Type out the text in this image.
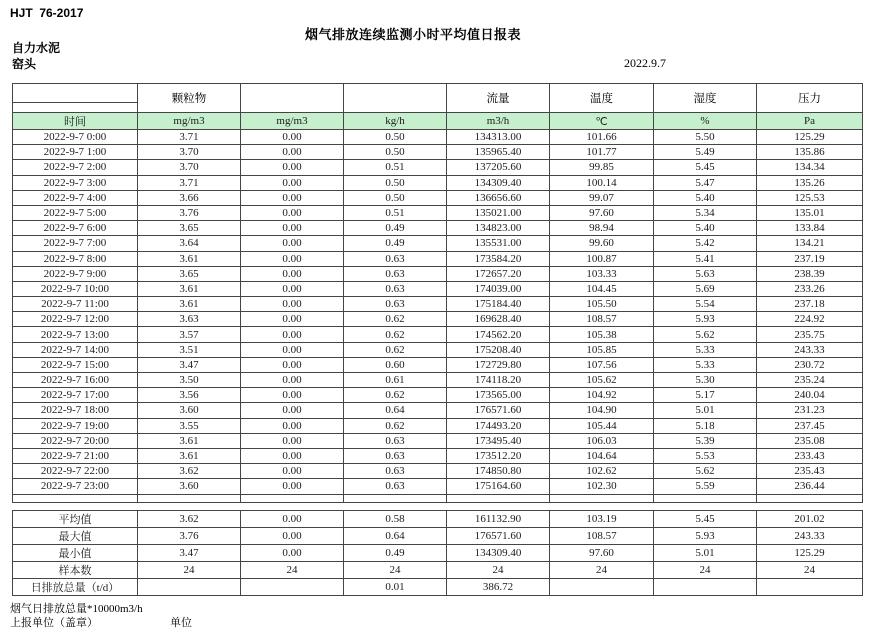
HJT  76-2017
烟气排放连续监测小时平均值日报表
自力水泥
窑头	2022.9.7
	颗粒物			流量	温度	湿度	压力

时间	mg/m3	mg/m3	kg/h	m3/h	℃	%	Pa
2022-9-7 0:00	3.71	0.00	0.50	134313.00	101.66	5.50	125.29
2022-9-7 1:00	3.70	0.00	0.50	135965.40	101.77	5.49	135.86
2022-9-7 2:00	3.70	0.00	0.51	137205.60	99.85	5.45	134.34
2022-9-7 3:00	3.71	0.00	0.50	134309.40	100.14	5.47	135.26
2022-9-7 4:00	3.66	0.00	0.50	136656.60	99.07	5.40	125.53
2022-9-7 5:00	3.76	0.00	0.51	135021.00	97.60	5.34	135.01
2022-9-7 6:00	3.65	0.00	0.49	134823.00	98.94	5.40	133.84
2022-9-7 7:00	3.64	0.00	0.49	135531.00	99.60	5.42	134.21
2022-9-7 8:00	3.61	0.00	0.63	173584.20	100.87	5.41	237.19
2022-9-7 9:00	3.65	0.00	0.63	172657.20	103.33	5.63	238.39
2022-9-7 10:00	3.61	0.00	0.63	174039.00	104.45	5.69	233.26
2022-9-7 11:00	3.61	0.00	0.63	175184.40	105.50	5.54	237.18
2022-9-7 12:00	3.63	0.00	0.62	169628.40	108.57	5.93	224.92
2022-9-7 13:00	3.57	0.00	0.62	174562.20	105.38	5.62	235.75
2022-9-7 14:00	3.51	0.00	0.62	175208.40	105.85	5.33	243.33
2022-9-7 15:00	3.47	0.00	0.60	172729.80	107.56	5.33	230.72
2022-9-7 16:00	3.50	0.00	0.61	174118.20	105.62	5.30	235.24
2022-9-7 17:00	3.56	0.00	0.62	173565.00	104.92	5.17	240.04
2022-9-7 18:00	3.60	0.00	0.64	176571.60	104.90	5.01	231.23
2022-9-7 19:00	3.55	0.00	0.62	174493.20	105.44	5.18	237.45
2022-9-7 20:00	3.61	0.00	0.63	173495.40	106.03	5.39	235.08
2022-9-7 21:00	3.61	0.00	0.63	173512.20	104.64	5.53	233.43
2022-9-7 22:00	3.62	0.00	0.63	174850.80	102.62	5.62	235.43
2022-9-7 23:00	3.60	0.00	0.63	175164.60	102.30	5.59	236.44

平均值	3.62	0.00	0.58	161132.90	103.19	5.45	201.02
最大值	3.76	0.00	0.64	176571.60	108.57	5.93	243.33
最小值	3.47	0.00	0.49	134309.40	97.60	5.01	125.29
样本数	24	24	24	24	24	24	24
日排放总量（t/d）			0.01	386.72			
烟气日排放总量*10000m3/h
上报单位（盖章）	单位
